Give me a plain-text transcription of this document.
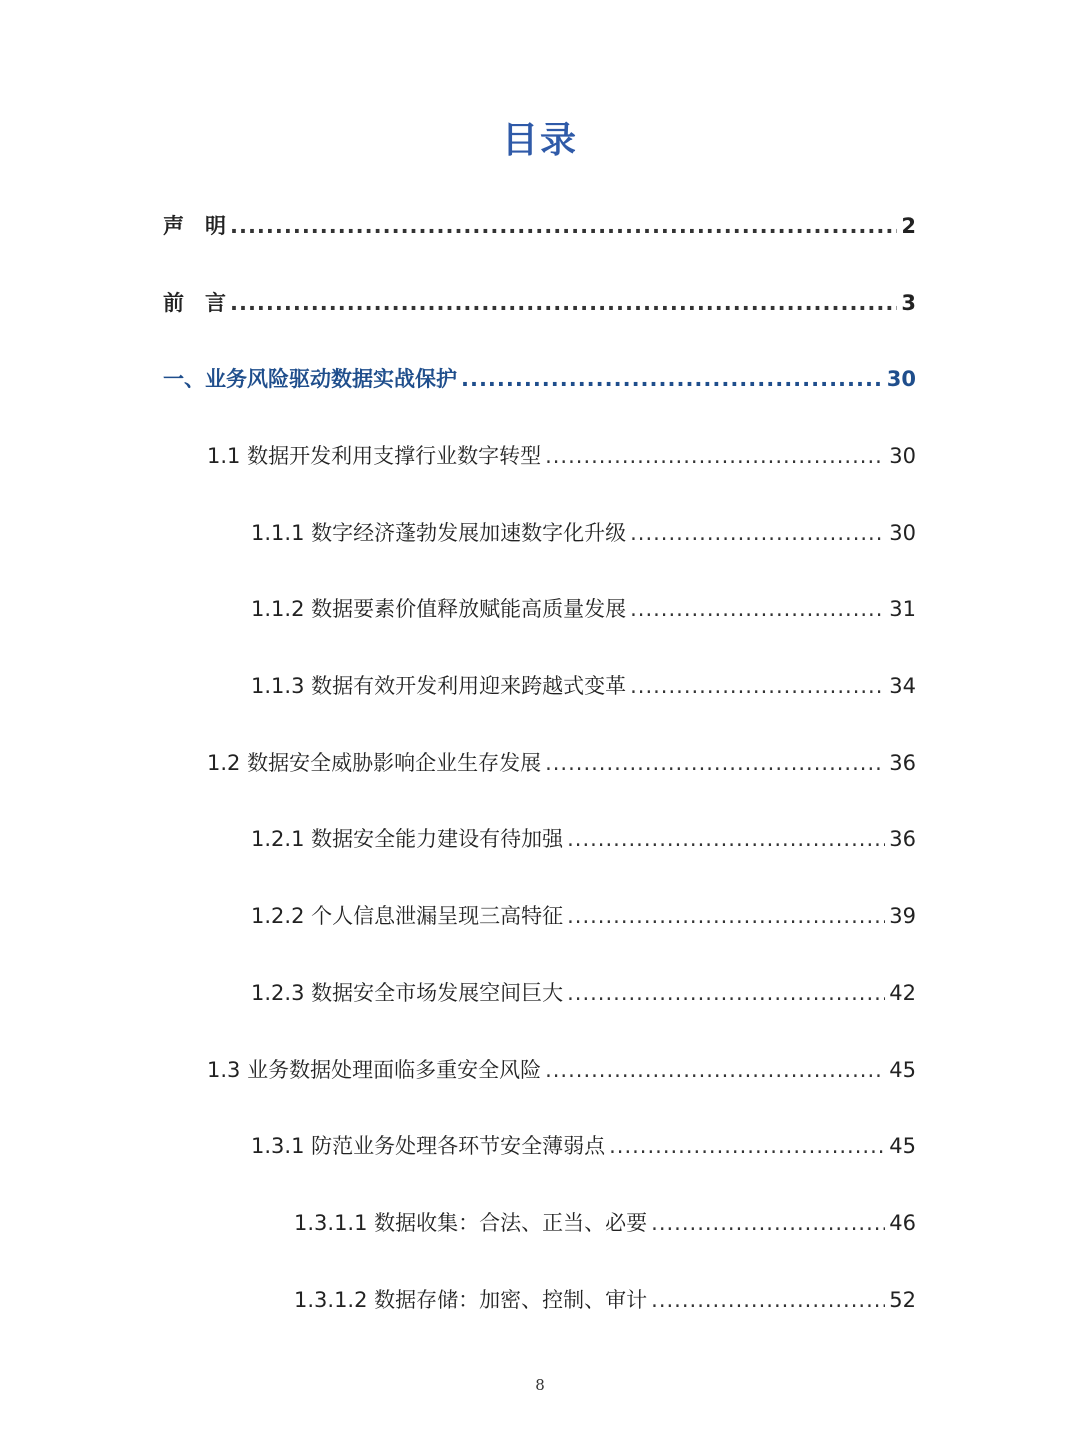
目录
声　明 .....	2
前　言 .....	3
一、业务风险驱动数据实战保护 .....	30
1.1 数据开发利用支撑行业数字转型 .....	30
1.1.1 数字经济蓬勃发展加速数字化升级 .....	30
1.1.2 数据要素价值释放赋能高质量发展 .....	31
1.1.3 数据有效开发利用迎来跨越式变革 .....	34
1.2 数据安全威胁影响企业生存发展 .....	36
1.2.1 数据安全能力建设有待加强 .....	36
1.2.2 个人信息泄漏呈现三高特征 .....	39
1.2.3 数据安全市场发展空间巨大 .....	42
1.3 业务数据处理面临多重安全风险 .....	45
1.3.1 防范业务处理各环节安全薄弱点 .....	45
1.3.1.1 数据收集：合法、正当、必要 .....	46
1.3.1.2 数据存储：加密、控制、审计 .....	52
8
